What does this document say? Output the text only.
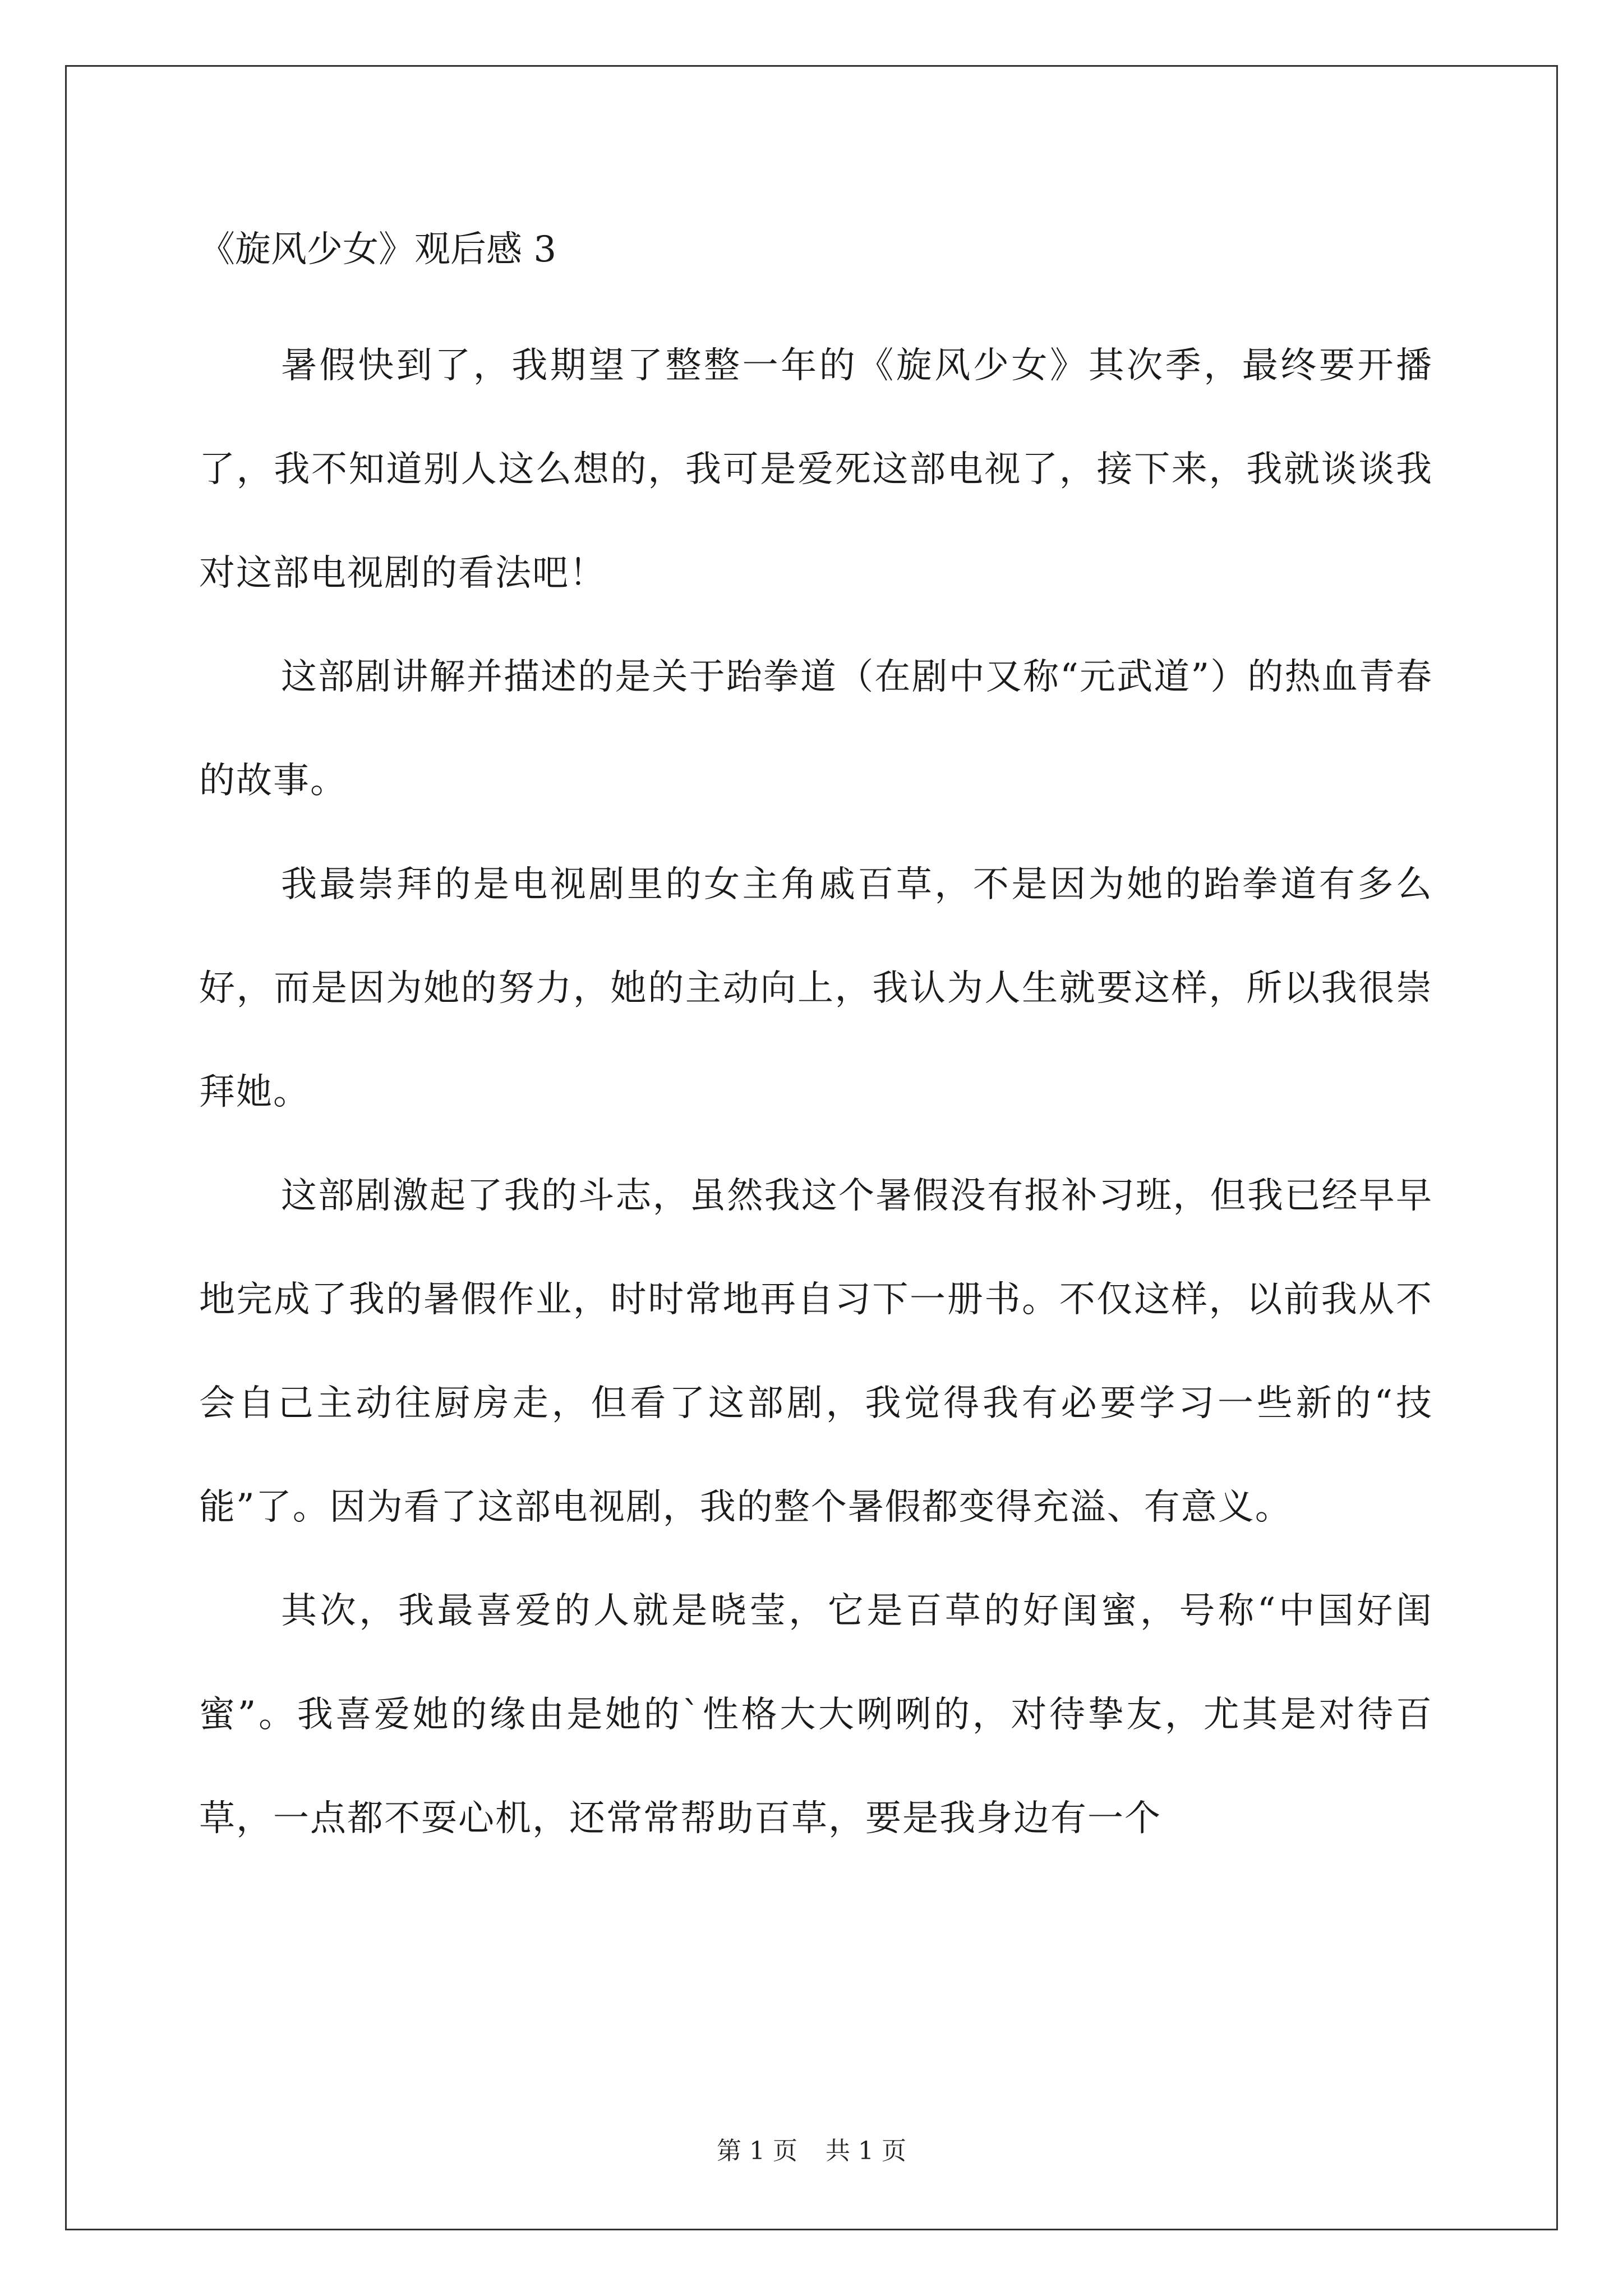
《旋风少女》观后感 3

暑假快到了，我期望了整整一年的《旋风少女》其次季，最终要开播了，我不知道别人这么想的，我可是爱死这部电视了，接下来，我就谈谈我对这部电视剧的看法吧！

这部剧讲解并描述的是关于跆拳道（在剧中又称“元武道”）的热血青春的故事。

我最崇拜的是电视剧里的女主角戚百草，不是因为她的跆拳道有多么好，而是因为她的努力，她的主动向上，我认为人生就要这样，所以我很崇拜她。

这部剧激起了我的斗志，虽然我这个暑假没有报补习班，但我已经早早地完成了我的暑假作业，时时常地再自习下一册书。不仅这样，以前我从不会自己主动往厨房走，但看了这部剧，我觉得我有必要学习一些新的“技能”了。因为看了这部电视剧，我的整个暑假都变得充溢、有意义。

其次，我最喜爱的人就是晓莹，它是百草的好闺蜜，号称“中国好闺蜜”。我喜爱她的缘由是她的`性格大大咧咧的，对待挚友，尤其是对待百草，一点都不耍心机，还常常帮助百草，要是我身边有一个

第 1 页 共 1 页
